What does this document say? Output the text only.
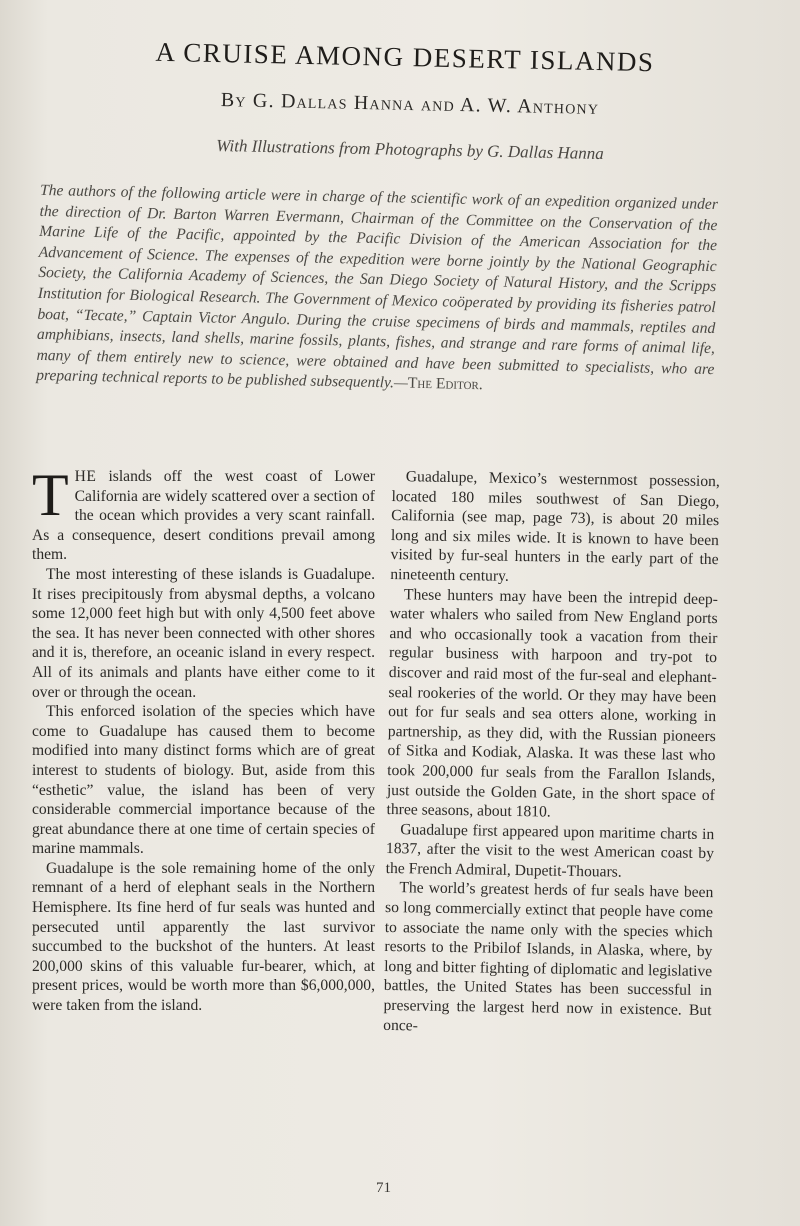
A CRUISE AMONG DESERT ISLANDS
By G. Dallas Hanna and A. W. Anthony
With Illustrations from Photographs by G. Dallas Hanna
The authors of the following article were in charge of the scientific work of an expedition organized under the direction of Dr. Barton Warren Evermann, Chairman of the Committee on the Conservation of the Marine Life of the Pacific, appointed by the Pacific Division of the American Association for the Advancement of Science. The expenses of the expedition were borne jointly by the National Geographic Society, the California Academy of Sciences, the San Diego Society of Natural History, and the Scripps Institution for Biological Research. The Government of Mexico coöperated by providing its fisheries patrol boat, “Tecate,” Captain Victor Angulo. During the cruise specimens of birds and mammals, reptiles and amphibians, insects, land shells, marine fossils, plants, fishes, and strange and rare forms of animal life, many of them entirely new to science, were obtained and have been submitted to specialists, who are preparing technical reports to be published subsequently.—The Editor.

THE islands off the west coast of Lower California are widely scattered over a section of the ocean which provides a very scant rainfall. As a consequence, desert conditions prevail among them.

The most interesting of these islands is Guadalupe. It rises precipitously from abysmal depths, a volcano some 12,000 feet high but with only 4,500 feet above the sea. It has never been connected with other shores and it is, therefore, an oceanic island in every respect. All of its animals and plants have either come to it over or through the ocean.

This enforced isolation of the species which have come to Guadalupe has caused them to become modified into many distinct forms which are of great interest to students of biology. But, aside from this “esthetic” value, the island has been of very considerable commercial importance because of the great abundance there at one time of certain species of marine mammals.

Guadalupe is the sole remaining home of the only remnant of a herd of elephant seals in the Northern Hemisphere. Its fine herd of fur seals was hunted and persecuted until apparently the last survivor succumbed to the buckshot of the hunters. At least 200,000 skins of this valuable fur-bearer, which, at present prices, would be worth more than $6,000,000, were taken from the island.

Guadalupe, Mexico’s westernmost possession, located 180 miles southwest of San Diego, California (see map, page 73), is about 20 miles long and six miles wide. It is known to have been visited by fur-seal hunters in the early part of the nineteenth century.

These hunters may have been the intrepid deep-water whalers who sailed from New England ports and who occasionally took a vacation from their regular business with harpoon and try-pot to discover and raid most of the fur-seal and elephant-seal rookeries of the world. Or they may have been out for fur seals and sea otters alone, working in partnership, as they did, with the Russian pioneers of Sitka and Kodiak, Alaska. It was these last who took 200,000 fur seals from the Farallon Islands, just outside the Golden Gate, in the short space of three seasons, about 1810.

Guadalupe first appeared upon maritime charts in 1837, after the visit to the west American coast by the French Admiral, Dupetit-Thouars.

The world’s greatest herds of fur seals have been so long commercially extinct that people have come to associate the name only with the species which resorts to the Pribilof Islands, in Alaska, where, by long and bitter fighting of diplomatic and legislative battles, the United States has been successful in preserving the largest herd now in existence. But once-

71
